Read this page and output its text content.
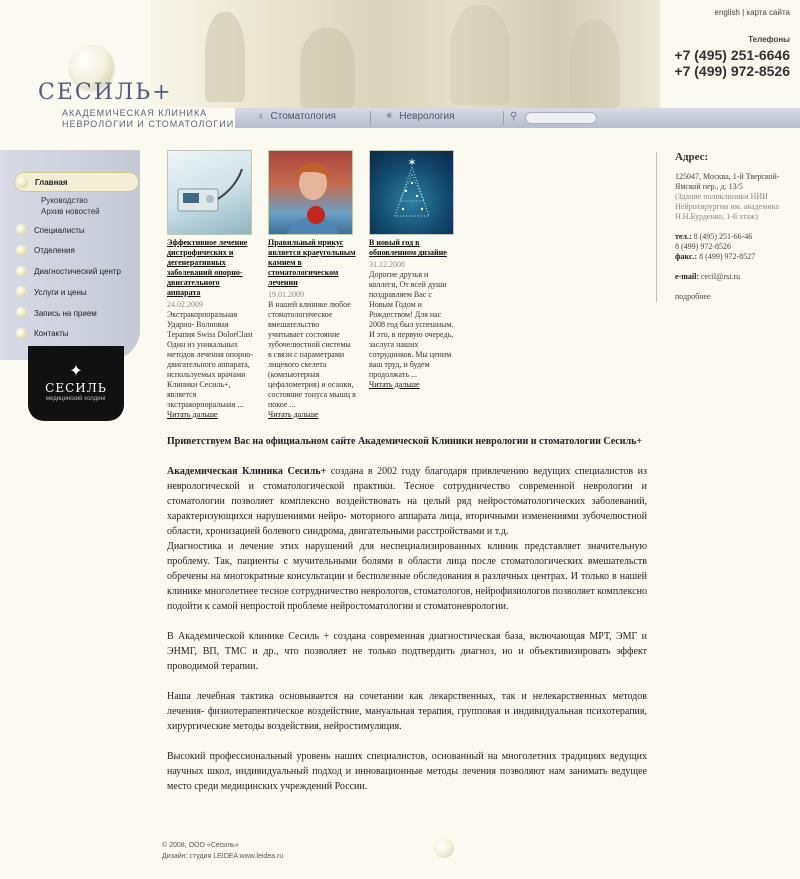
СЕСИЛЬ+
АКАДЕМИЧЕСКАЯ КЛИНИКА
НЕВРОЛОГИИ И СТОМАТОЛОГИИ
english | карта сайта
Телефоны
+7 (495) 251-6646
+7 (499) 972-8526
♁ Стоматология	✳ Неврология	⚲
Главная
Руководство
Архив новостей
Специалисты
Отделения
Диагностический центр
Услуги и цены
Запись на прием
Контакты
✦
СЕСИЛЬ
медицинский холдинг
Эффективное лечение дистрофических и дегенеративных заболеваний опорно-двигательного аппарата
24.02.2009
Экстракорпоральная Ударно- Волновая Терапия Swiss DolorClast Один из уникальных методов лечения опорно-двигательного аппарата, используемых врачами Клиники Сесиль+, является экстракорпоральная ...
Читать дальше
Правильный прикус является краеугольным камнем в стоматологическом лечении
19.01.2009
В нашей клинике любое стоматологическое вмешательство учитывает состояние зубочелюстной системы в связи с параметрами лицевого скелета (компьютерная цефалометрия) и осанки, состояние тонуса мышц в покое ...
Читать дальше
✶
В новый год в обновленном дизайне
31.12.2008
Дорогие друзья и коллеги, От всей души поздравляем Вас с Новым Годом и Рождеством! Для нас 2008 год был успешным. И это, в первую очередь, заслуга наших сотрудников. Мы ценим ваш труд, и будем продолжать ...
Читать дальше
Адрес:
125047, Москва, 1-й Тверской-Ямской пер., д. 13/5
(Здание поликлиники НИИ Нейрохирургии им. академика Н.Н.Бурденко, 1-й этаж)
тел.: 8 (495) 251-66-46
8 (499) 972-8526
факс.: 8 (499) 972-8527
e-mail: cecil@rsi.ru
подробнее
Приветствуем Вас на официальном сайте Академической Клиники неврологии и стоматологии Сесиль+

Академическая Клиника Сесиль+ создана в 2002 году благодаря привлечению ведущих специалистов из неврологической и стоматологической практики. Тесное сотрудничество современной неврологии и стоматологии позволяет комплексно воздействовать на целый ряд нейростоматологических заболеваний, характеризующихся нарушениями нейро- моторного аппарата лица, вторичными изменениями зубочелюстной области, хронизацией болевого синдрома, двигательными расстройствами и т.д.
Диагностика и лечение этих нарушений для неспециализированных клиник представляет значительную проблему. Так, пациенты с мучительными болями в области лица после стоматологических вмешательств обречены на многократные консультации и бесполезные обследования в различных центрах. И только в нашей клинике многолетнее тесное сотрудничество неврологов, стоматологов, нейрофизиологов позволяет комплексно подойти к самой непростой проблеме нейростоматологии и стоматоневрологии.

В Академической клинике Сесиль + создана современная диагностическая база, включающая МРТ, ЭМГ и ЭНМГ, ВП, ТМС и др., что позволяет не только подтвердить диагноз, но и объективизировать эффект проводимой терапии.

Наша лечебная тактика основывается на сочетании как лекарственных, так и нелекарственных методов лечения- физиотерапевтическое воздействие, мануальная терапия, групповая и индивидуальная психотерапия, хирургические методы воздействия, нейростимуляция.

Высокий профессиональный уровень наших специалистов, основанный на многолетних традициях ведущих научных школ, индивидуальный подход и инновационные методы лечения позволяют нам занимать ведущее место среди медицинских учреждений России.

© 2008, ООО «Сесиль»
Дизайн: студия LEIDEA www.leidea.ru
